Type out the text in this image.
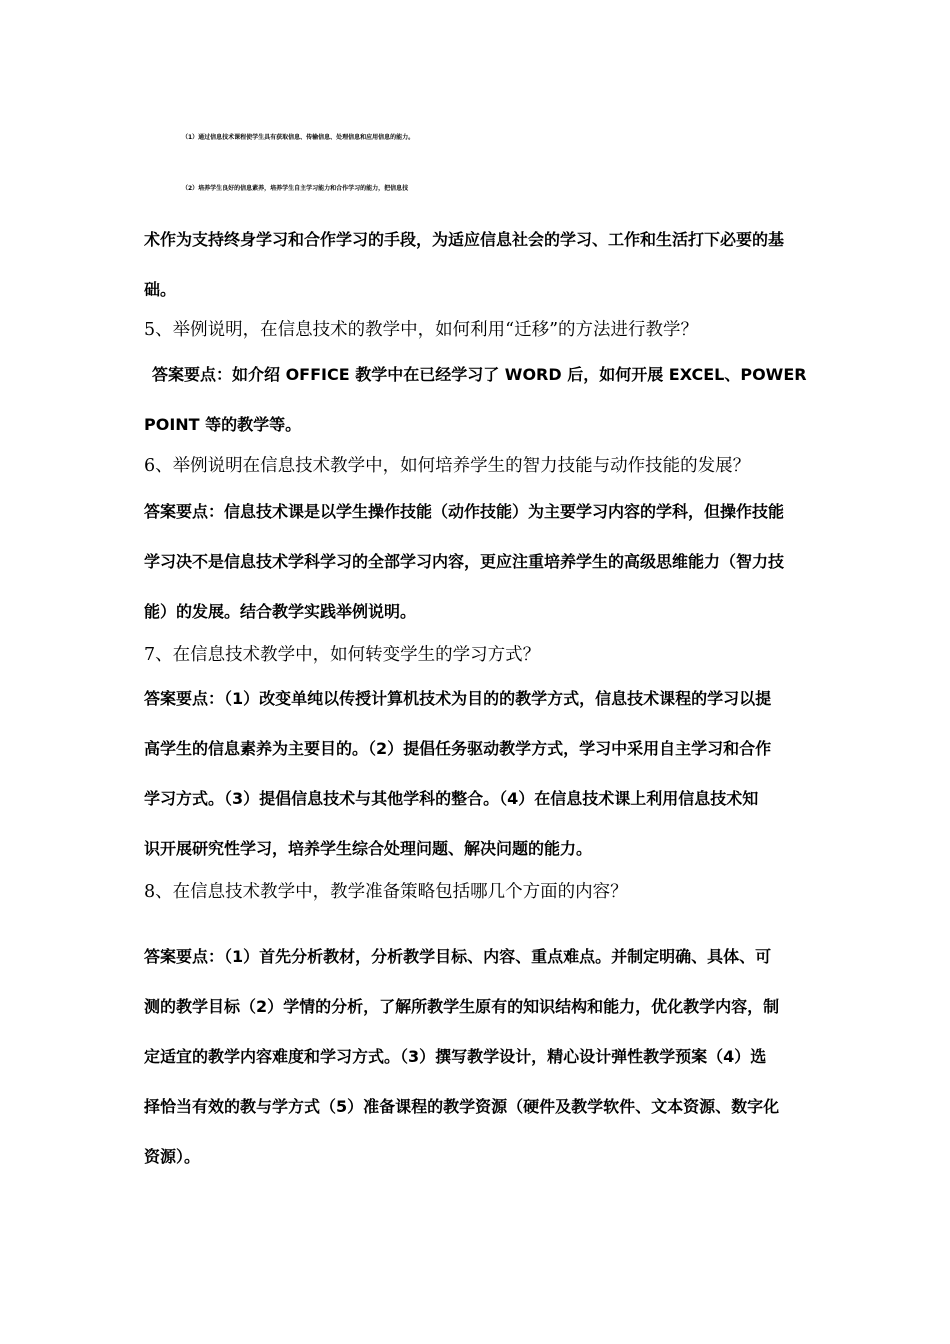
（1）通过信息技术课程使学生具有获取信息、传输信息、处理信息和应用信息的能力。
（2）培养学生良好的信息素养，培养学生自主学习能力和合作学习的能力，把信息技
术作为支持终身学习和合作学习的手段，为适应信息社会的学习、工作和生活打下必要的基
础。
5、举例说明，在信息技术的教学中，如何利用“迁移”的方法进行教学？
答案要点：如介绍 OFFICE 教学中在已经学习了 WORD 后，如何开展 EXCEL、POWER
POINT 等的教学等。
6、举例说明在信息技术教学中，如何培养学生的智力技能与动作技能的发展？
答案要点：信息技术课是以学生操作技能（动作技能）为主要学习内容的学科，但操作技能
学习决不是信息技术学科学习的全部学习内容，更应注重培养学生的高级思维能力（智力技
能）的发展。结合教学实践举例说明。
7、在信息技术教学中，如何转变学生的学习方式？
答案要点：（1）改变单纯以传授计算机技术为目的的教学方式，信息技术课程的学习以提
高学生的信息素养为主要目的。（2）提倡任务驱动教学方式，学习中采用自主学习和合作
学习方式。（3）提倡信息技术与其他学科的整合。（4）在信息技术课上利用信息技术知
识开展研究性学习，培养学生综合处理问题、解决问题的能力。
8、在信息技术教学中，教学准备策略包括哪几个方面的内容？
答案要点：（1）首先分析教材，分析教学目标、内容、重点难点。并制定明确、具体、可
测的教学目标（2）学情的分析，了解所教学生原有的知识结构和能力，优化教学内容，制
定适宜的教学内容难度和学习方式。（3）撰写教学设计，精心设计弹性教学预案（4）选
择恰当有效的教与学方式（5）准备课程的教学资源（硬件及教学软件、文本资源、数字化
资源）。
